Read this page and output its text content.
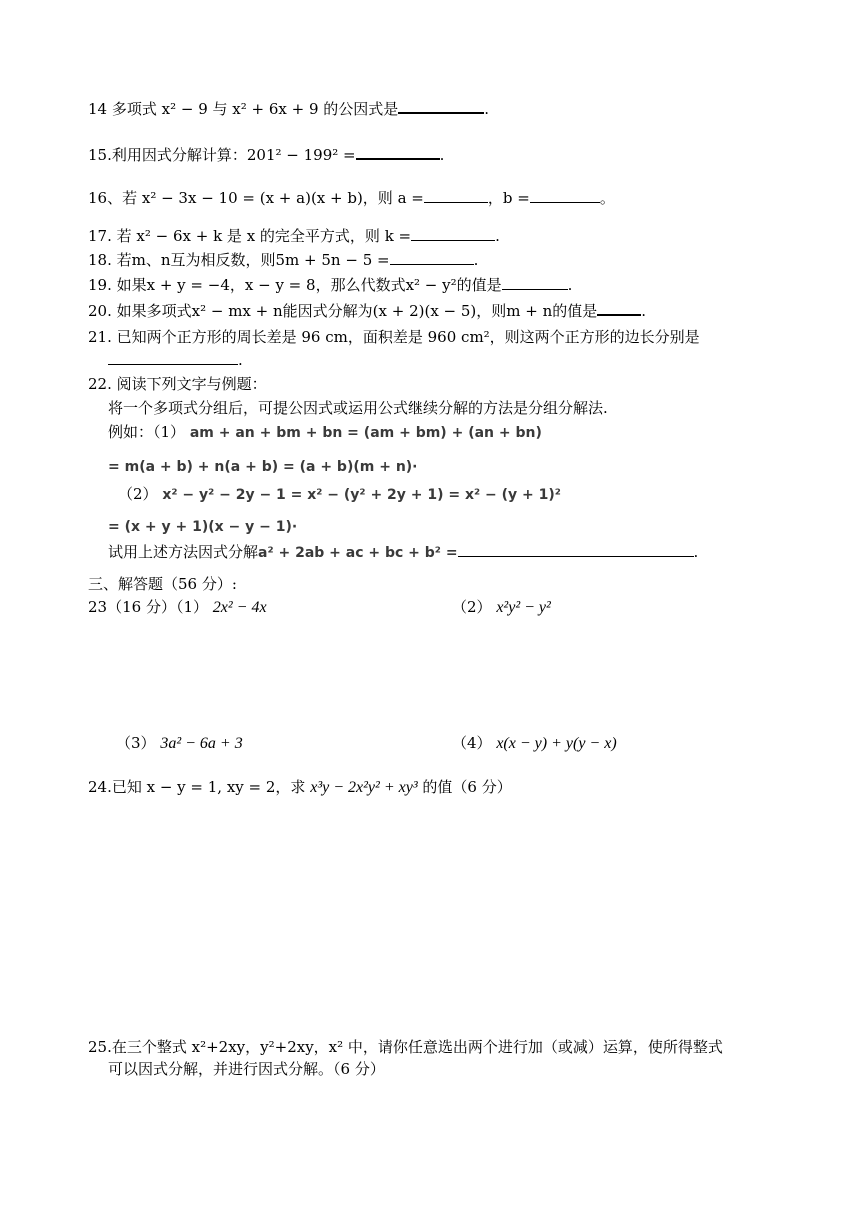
14 多项式 x² − 9 与 x² + 6x + 9 的公因式是	.
15.利用因式分解计算：201² − 199² =	.
16、若 x² − 3x − 10 = (x + a)(x + b)，则 a =	，b =	。
17. 若 x² − 6x + k 是 x 的完全平方式，则 k =	.
18. 若m、n互为相反数，则5m + 5n − 5 =	.
19. 如果x + y = −4，x − y = 8，那么代数式x² − y²的值是	.
20. 如果多项式x² − mx + n能因式分解为(x + 2)(x − 5)，则m + n的值是	.
21. 已知两个正方形的周长差是 96 cm，面积差是 960 cm²，则这两个正方形的边长分别是
.
22. 阅读下列文字与例题：
将一个多项式分组后，可提公因式或运用公式继续分解的方法是分组分解法.
例如：（1） am + an + bm + bn = (am + bm) + (an + bn)
= m(a + b) + n(a + b) = (a + b)(m + n)·
（2） x² − y² − 2y − 1 = x² − (y² + 2y + 1) = x² − (y + 1)²
= (x + y + 1)(x − y − 1)·
试用上述方法因式分解a² + 2ab + ac + bc + b² =	.
三、解答题（56 分）:
23（16 分）（1） 2x² − 4x	（2） x²y² − y²
（3） 3a² − 6a + 3	（4） x(x − y) + y(y − x)
24.已知 x − y = 1, xy = 2，求 x³y − 2x²y² + xy³ 的值（6 分）
25.在三个整式 x²+2xy，y²+2xy，x² 中，请你任意选出两个进行加（或减）运算，使所得整式
可以因式分解，并进行因式分解。（6 分）
